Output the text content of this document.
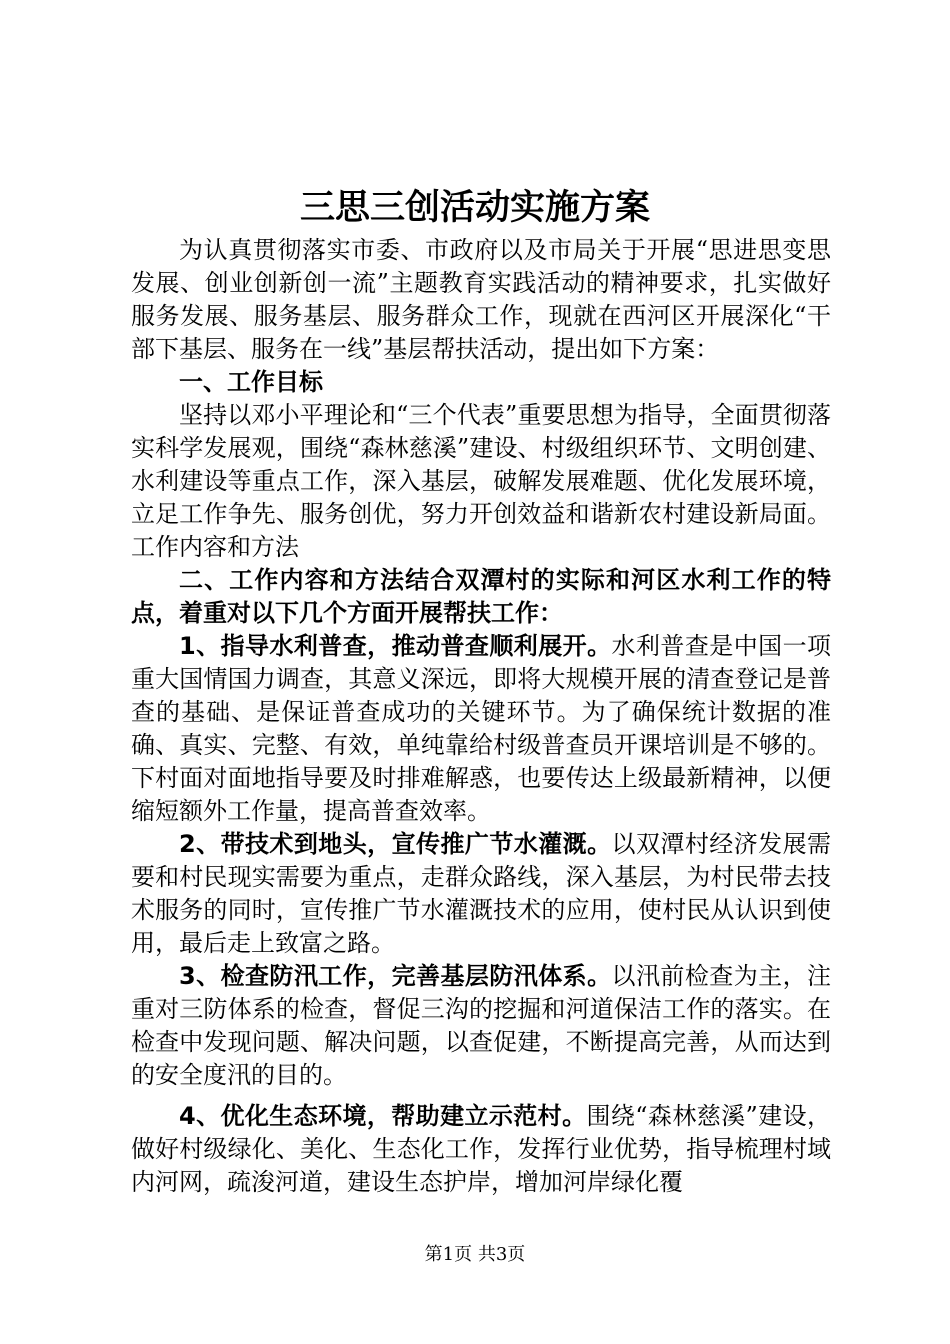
三思三创活动实施方案

为认真贯彻落实市委、市政府以及市局关于开展“思进思变思发展、创业创新创一流”主题教育实践活动的精神要求，扎实做好服务发展、服务基层、服务群众工作，现就在西河区开展深化“干部下基层、服务在一线”基层帮扶活动，提出如下方案：

一、工作目标

坚持以邓小平理论和“三个代表”重要思想为指导，全面贯彻落实科学发展观，围绕“森林慈溪”建设、村级组织环节、文明创建、水利建设等重点工作，深入基层，破解发展难题、优化发展环境，立足工作争先、服务创优，努力开创效益和谐新农村建设新局面。工作内容和方法

二、工作内容和方法结合双潭村的实际和河区水利工作的特点，着重对以下几个方面开展帮扶工作：

1、指导水利普查，推动普查顺利展开。水利普查是中国一项重大国情国力调查，其意义深远，即将大规模开展的清查登记是普查的基础、是保证普查成功的关键环节。为了确保统计数据的准确、真实、完整、有效，单纯靠给村级普查员开课培训是不够的。下村面对面地指导要及时排难解惑，也要传达上级最新精神，以便缩短额外工作量，提高普查效率。

2、带技术到地头，宣传推广节水灌溉。以双潭村经济发展需要和村民现实需要为重点，走群众路线，深入基层，为村民带去技术服务的同时，宣传推广节水灌溉技术的应用，使村民从认识到使用，最后走上致富之路。

3、检查防汛工作，完善基层防汛体系。以汛前检查为主，注重对三防体系的检查，督促三沟的挖掘和河道保洁工作的落实。在检查中发现问题、解决问题，以查促建，不断提高完善，从而达到的安全度汛的目的。

4、优化生态环境，帮助建立示范村。围绕“森林慈溪”建设，做好村级绿化、美化、生态化工作，发挥行业优势，指导梳理村域内河网，疏浚河道，建设生态护岸，增加河岸绿化覆

第1页 共3页
